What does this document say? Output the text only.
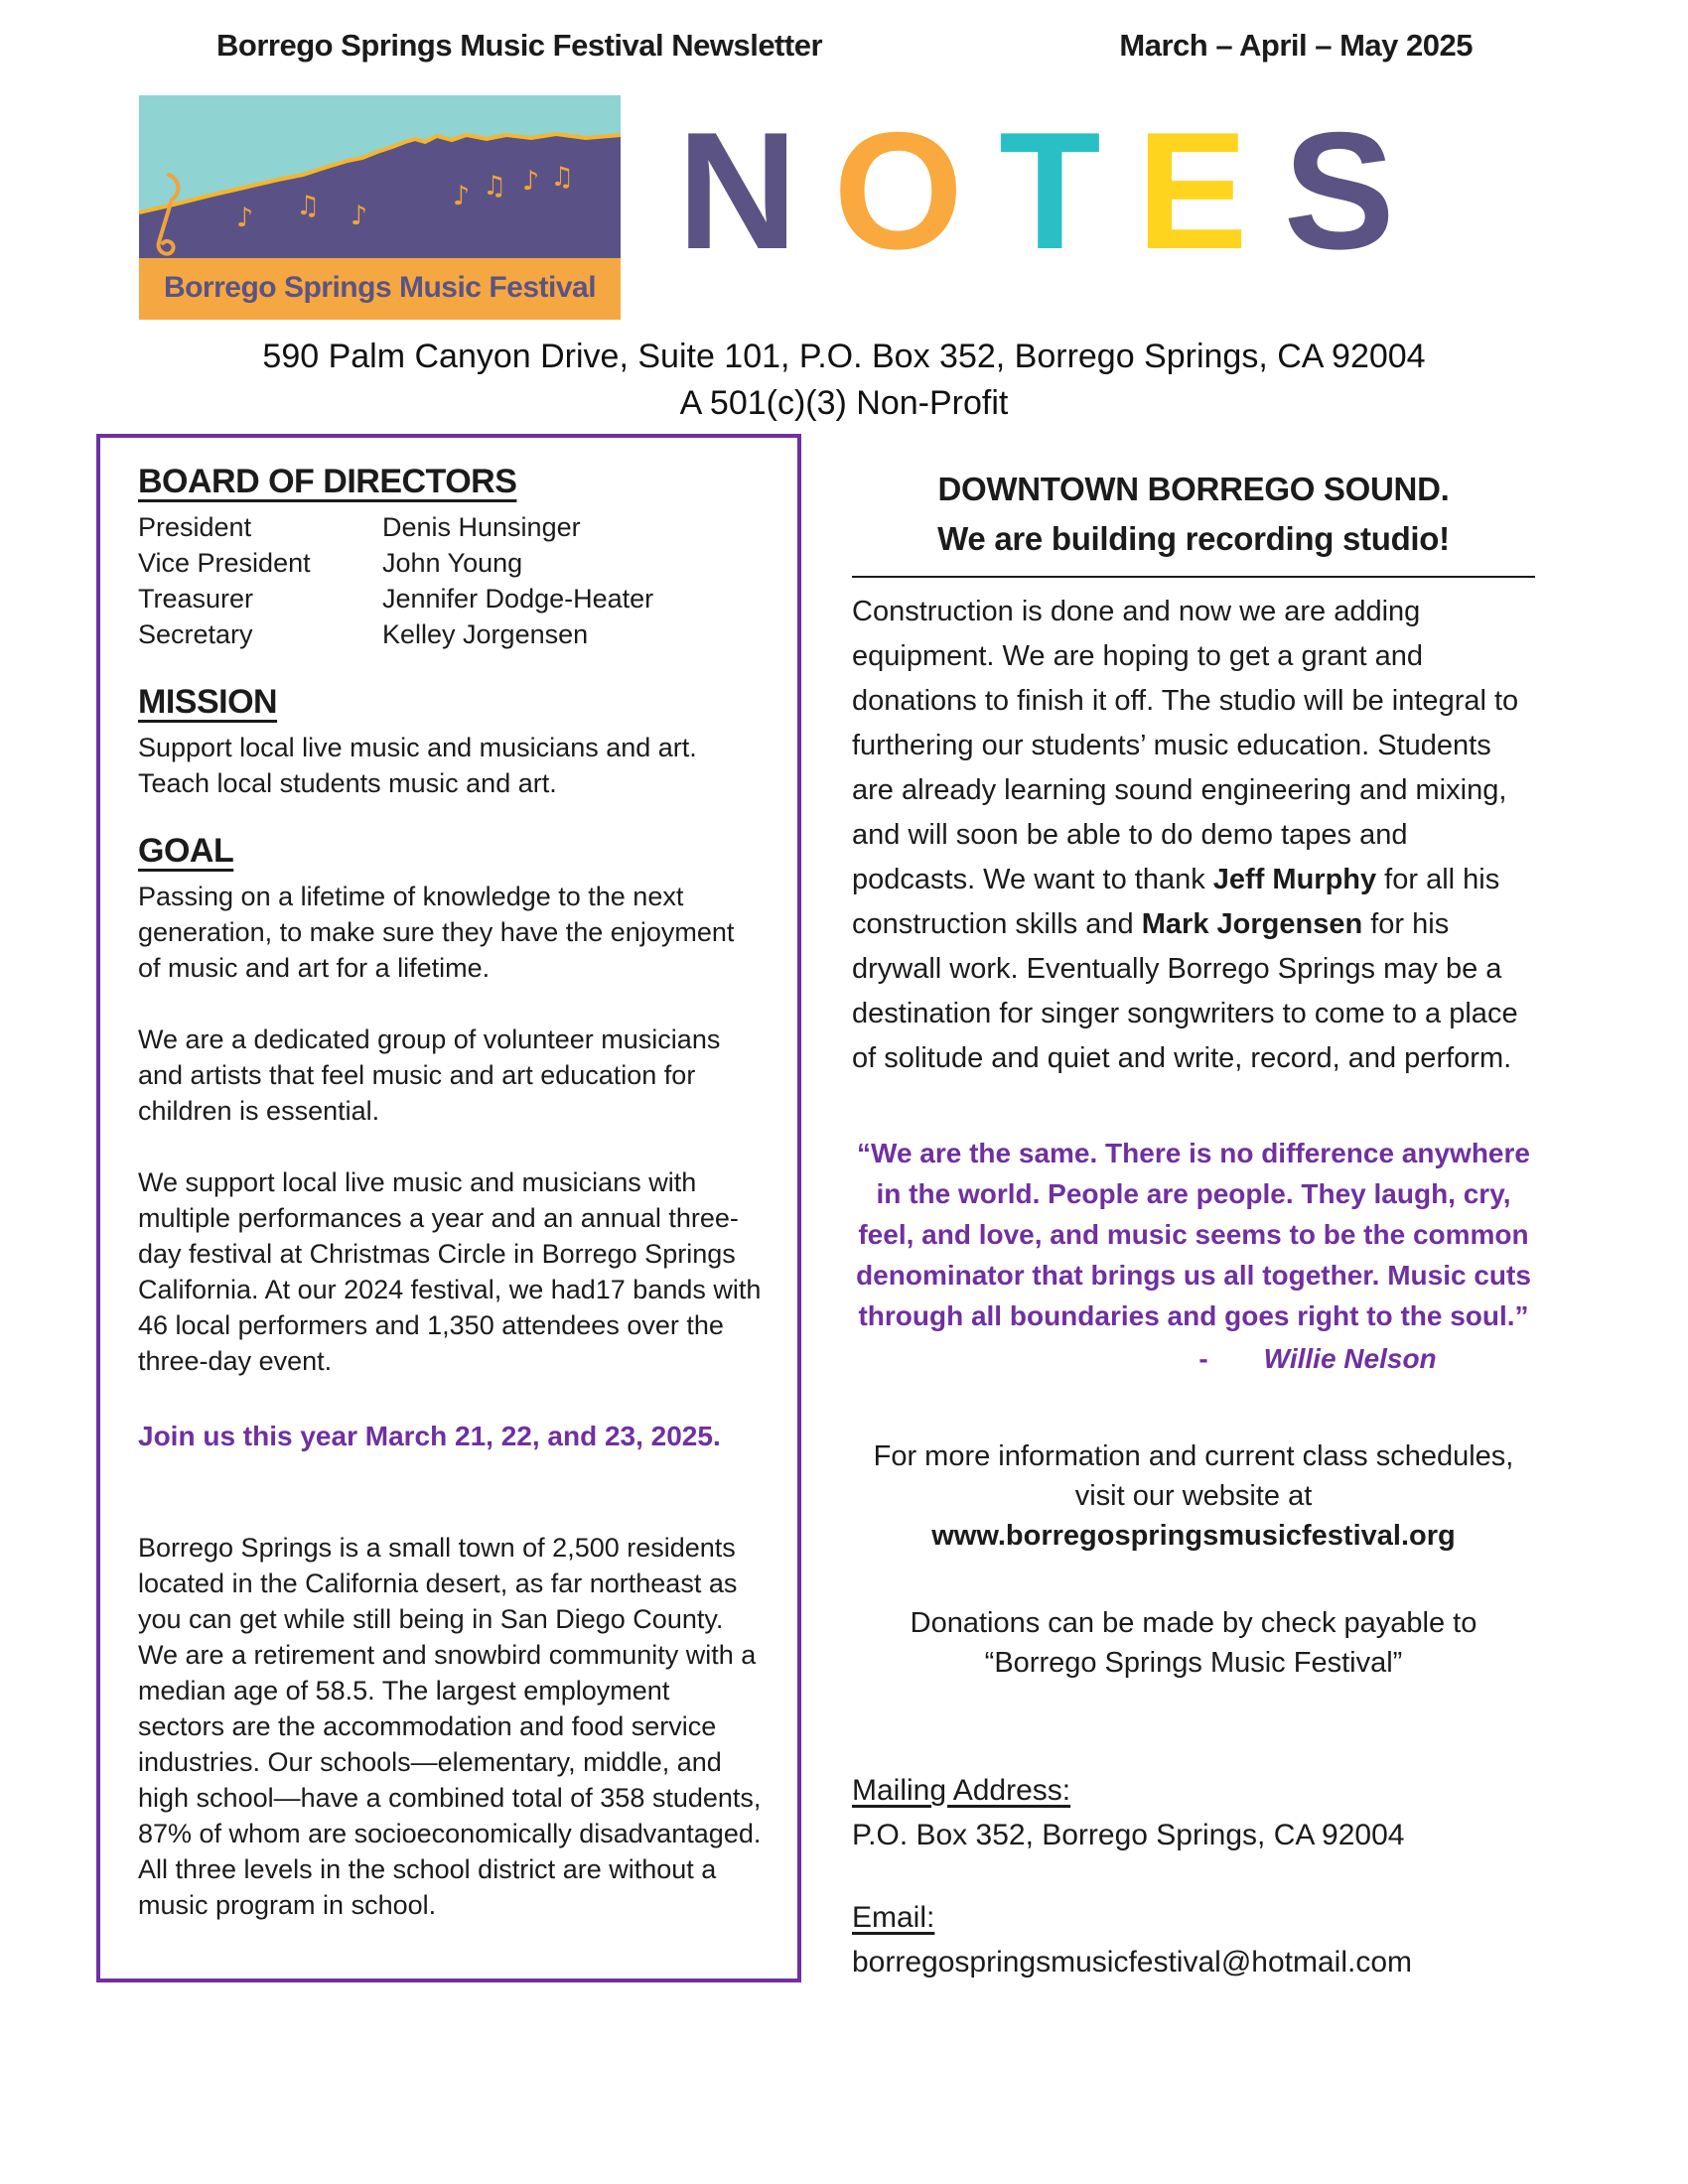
Borrego Springs Music Festival Newsletter	March – April – May 2025
♪ ♫ ♪
♪ ♫ ♪ ♫
Borrego Springs Music Festival
N O T E S
590 Palm Canyon Drive, Suite 101, P.O. Box 352, Borrego Springs, CA 92004
A 501(c)(3) Non-Profit
BOARD OF DIRECTORS
President	Denis Hunsinger
Vice President	John Young
Treasurer	Jennifer Dodge-Heater
Secretary	Kelley Jorgensen
MISSION

Support local live music and musicians and art. Teach local students music and art.

GOAL

Passing on a lifetime of knowledge to the next generation, to make sure they have the enjoyment of music and art for a lifetime.

We are a dedicated group of volunteer musicians and artists that feel music and art education for children is essential.

We support local live music and musicians with multiple performances a year and an annual three-day festival at Christmas Circle in Borrego Springs California. At our 2024 festival, we had17 bands with 46 local performers and 1,350 attendees over the three-day event.

Join us this year March 21, 22, and 23, 2025.

Borrego Springs is a small town of 2,500 residents located in the California desert, as far northeast as you can get while still being in San Diego County. We are a retirement and snowbird community with a median age of 58.5. The largest employment sectors are the accommodation and food service industries. Our schools—elementary, middle, and high school—have a combined total of 358 students, 87% of whom are socioeconomically disadvantaged. All three levels in the school district are without a music program in school.

DOWNTOWN BORREGO SOUND.
We are building recording studio!

Construction is done and now we are adding equipment. We are hoping to get a grant and donations to finish it off. The studio will be integral to furthering our students’ music education. Students are already learning sound engineering and mixing, and will soon be able to do demo tapes and podcasts. We want to thank Jeff Murphy for all his construction skills and Mark Jorgensen for his drywall work. Eventually Borrego Springs may be a destination for singer songwriters to come to a place of solitude and quiet and write, record, and perform.

“We are the same. There is no difference anywhere in the world. People are people. They laugh, cry, feel, and love, and music seems to be the common denominator that brings us all together. Music cuts through all boundaries and goes right to the soul.”
- Willie Nelson
For more information and current class schedules, visit our website at
www.borregospringsmusicfestival.org
Donations can be made by check payable to “Borrego Springs Music Festival”
Mailing Address:
P.O. Box 352, Borrego Springs, CA 92004
Email:
borregospringsmusicfestival@hotmail.com
